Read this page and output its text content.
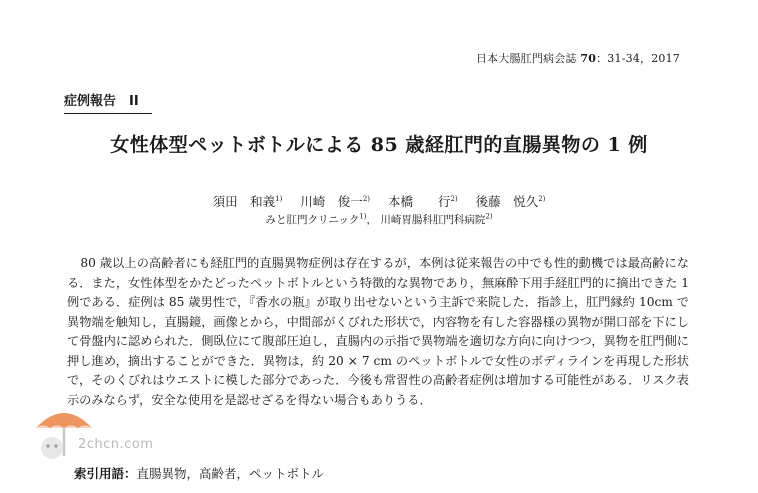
日本大腸肛門病会誌 70：31-34，2017
症例報告　II
女性体型ペットボトルによる 85 歳経肛門的直腸異物の 1 例
須田　和義$^{1)}$ 川崎　俊一$^{2)}$ 本橋　　行$^{2)}$ 後藤　悦久$^{2)}$
みと肛門クリニック$^{1)}$， 川崎胃腸科肛門科病院$^{2)}$

80 歳以上の高齢者にも経肛門的直腸異物症例は存在するが，本例は従来報告の中でも性的動機では最高齢になる．また，女性体型をかたどったペットボトルという特徴的な異物であり，無麻酔下用手経肛門的に摘出できた 1 例である．症例は 85 歳男性で，『香水の瓶』が取り出せないという主訴で来院した．指診上，肛門縁約 10cm で異物端を触知し，直腸鏡，画像とから，中間部がくびれた形状で，内容物を有した容器様の異物が開口部を下にして骨盤内に認められた．側臥位にて腹部圧迫し，直腸内の示指で異物端を適切な方向に向けつつ，異物を肛門側に押し進め，摘出することができた．異物は，約 20 × 7 cm のペットボトルで女性のボディラインを再現した形状で，そのくびれはウエストに模した部分であった．今後も常習性の高齢者症例は増加する可能性がある．リスク表示のみならず，安全な使用を是認せざるを得ない場合もありうる．

索引用語：直腸異物，高齢者，ペットボトル
2chcn.com
